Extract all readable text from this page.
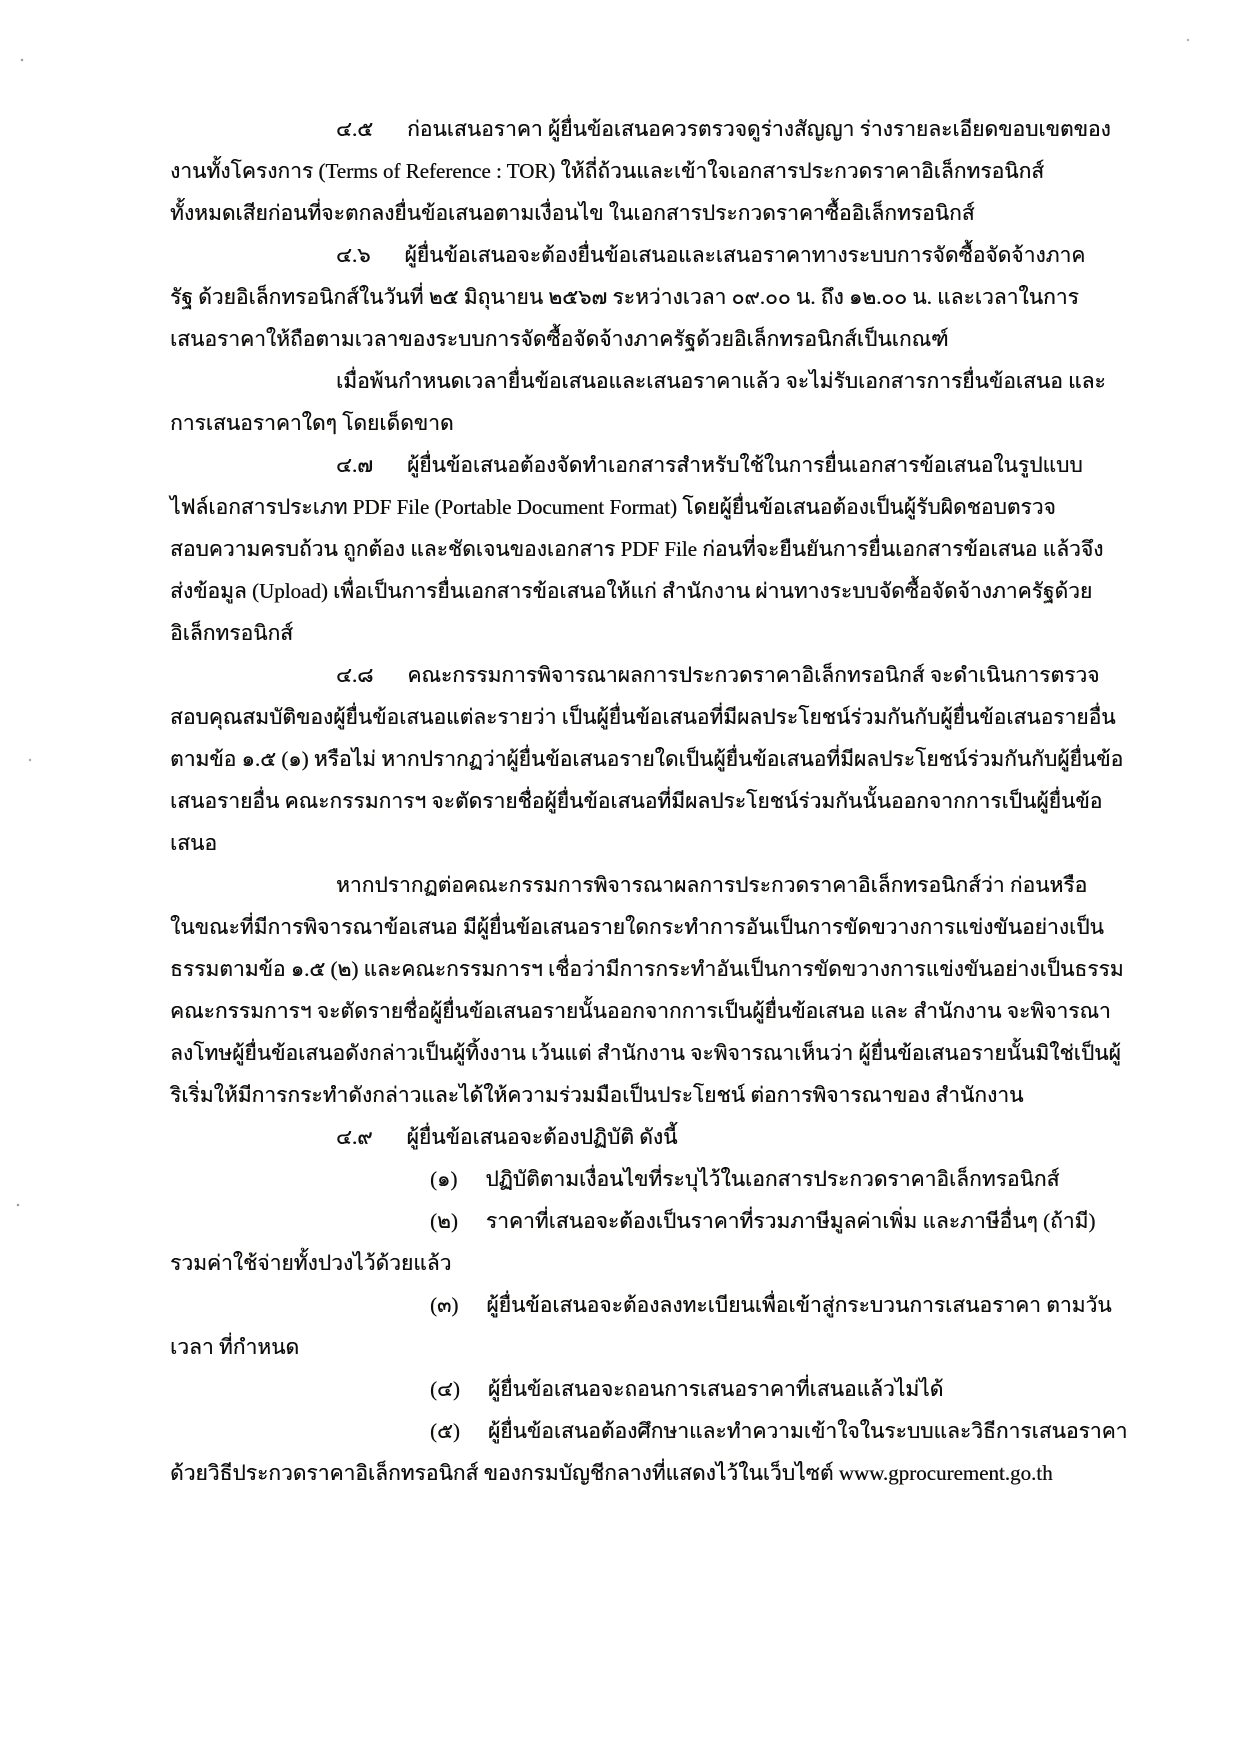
๔.๕ ก่อนเสนอราคา ผู้ยื่นข้อเสนอควรตรวจดูร่างสัญญา ร่างรายละเอียดขอบเขตของ
งานทั้งโครงการ (Terms of Reference : TOR) ให้ถี่ถ้วนและเข้าใจเอกสารประกวดราคาอิเล็กทรอนิกส์
ทั้งหมดเสียก่อนที่จะตกลงยื่นข้อเสนอตามเงื่อนไข ในเอกสารประกวดราคาซื้ออิเล็กทรอนิกส์
๔.๖ ผู้ยื่นข้อเสนอจะต้องยื่นข้อเสนอและเสนอราคาทางระบบการจัดซื้อจัดจ้างภาค
รัฐ ด้วยอิเล็กทรอนิกส์ในวันที่ ๒๕ มิถุนายน ๒๕๖๗ ระหว่างเวลา ๐๙.๐๐ น. ถึง ๑๒.๐๐ น. และเวลาในการ
เสนอราคาให้ถือตามเวลาของระบบการจัดซื้อจัดจ้างภาครัฐด้วยอิเล็กทรอนิกส์เป็นเกณฑ์
เมื่อพ้นกำหนดเวลายื่นข้อเสนอและเสนอราคาแล้ว จะไม่รับเอกสารการยื่นข้อเสนอ และ
การเสนอราคาใดๆ โดยเด็ดขาด
๔.๗ ผู้ยื่นข้อเสนอต้องจัดทำเอกสารสำหรับใช้ในการยื่นเอกสารข้อเสนอในรูปแบบ
ไฟล์เอกสารประเภท PDF File (Portable Document Format) โดยผู้ยื่นข้อเสนอต้องเป็นผู้รับผิดชอบตรวจ
สอบความครบถ้วน ถูกต้อง และชัดเจนของเอกสาร PDF File ก่อนที่จะยืนยันการยื่นเอกสารข้อเสนอ แล้วจึง
ส่งข้อมูล (Upload) เพื่อเป็นการยื่นเอกสารข้อเสนอให้แก่ สำนักงาน ผ่านทางระบบจัดซื้อจัดจ้างภาครัฐด้วย
อิเล็กทรอนิกส์
๔.๘ คณะกรรมการพิจารณาผลการประกวดราคาอิเล็กทรอนิกส์ จะดำเนินการตรวจ
สอบคุณสมบัติของผู้ยื่นข้อเสนอแต่ละรายว่า เป็นผู้ยื่นข้อเสนอที่มีผลประโยชน์ร่วมกันกับผู้ยื่นข้อเสนอรายอื่น
ตามข้อ ๑.๕ (๑) หรือไม่ หากปรากฏว่าผู้ยื่นข้อเสนอรายใดเป็นผู้ยื่นข้อเสนอที่มีผลประโยชน์ร่วมกันกับผู้ยื่นข้อ
เสนอรายอื่น คณะกรรมการฯ จะตัดรายชื่อผู้ยื่นข้อเสนอที่มีผลประโยชน์ร่วมกันนั้นออกจากการเป็นผู้ยื่นข้อ
เสนอ
หากปรากฏต่อคณะกรรมการพิจารณาผลการประกวดราคาอิเล็กทรอนิกส์ว่า ก่อนหรือ
ในขณะที่มีการพิจารณาข้อเสนอ มีผู้ยื่นข้อเสนอรายใดกระทำการอันเป็นการขัดขวางการแข่งขันอย่างเป็น
ธรรมตามข้อ ๑.๕ (๒) และคณะกรรมการฯ เชื่อว่ามีการกระทำอันเป็นการขัดขวางการแข่งขันอย่างเป็นธรรม
คณะกรรมการฯ จะตัดรายชื่อผู้ยื่นข้อเสนอรายนั้นออกจากการเป็นผู้ยื่นข้อเสนอ และ สำนักงาน จะพิจารณา
ลงโทษผู้ยื่นข้อเสนอดังกล่าวเป็นผู้ทิ้งงาน เว้นแต่ สำนักงาน จะพิจารณาเห็นว่า ผู้ยื่นข้อเสนอรายนั้นมิใช่เป็นผู้
ริเริ่มให้มีการกระทำดังกล่าวและได้ให้ความร่วมมือเป็นประโยชน์ ต่อการพิจารณาของ สำนักงาน
๔.๙ ผู้ยื่นข้อเสนอจะต้องปฏิบัติ ดังนี้
(๑) ปฏิบัติตามเงื่อนไขที่ระบุไว้ในเอกสารประกวดราคาอิเล็กทรอนิกส์
(๒) ราคาที่เสนอจะต้องเป็นราคาที่รวมภาษีมูลค่าเพิ่ม และภาษีอื่นๆ (ถ้ามี)
รวมค่าใช้จ่ายทั้งปวงไว้ด้วยแล้ว
(๓) ผู้ยื่นข้อเสนอจะต้องลงทะเบียนเพื่อเข้าสู่กระบวนการเสนอราคา ตามวัน
เวลา ที่กำหนด
(๔) ผู้ยื่นข้อเสนอจะถอนการเสนอราคาที่เสนอแล้วไม่ได้
(๕) ผู้ยื่นข้อเสนอต้องศึกษาและทำความเข้าใจในระบบและวิธีการเสนอราคา
ด้วยวิธีประกวดราคาอิเล็กทรอนิกส์ ของกรมบัญชีกลางที่แสดงไว้ในเว็บไซต์ www.gprocurement.go.th
